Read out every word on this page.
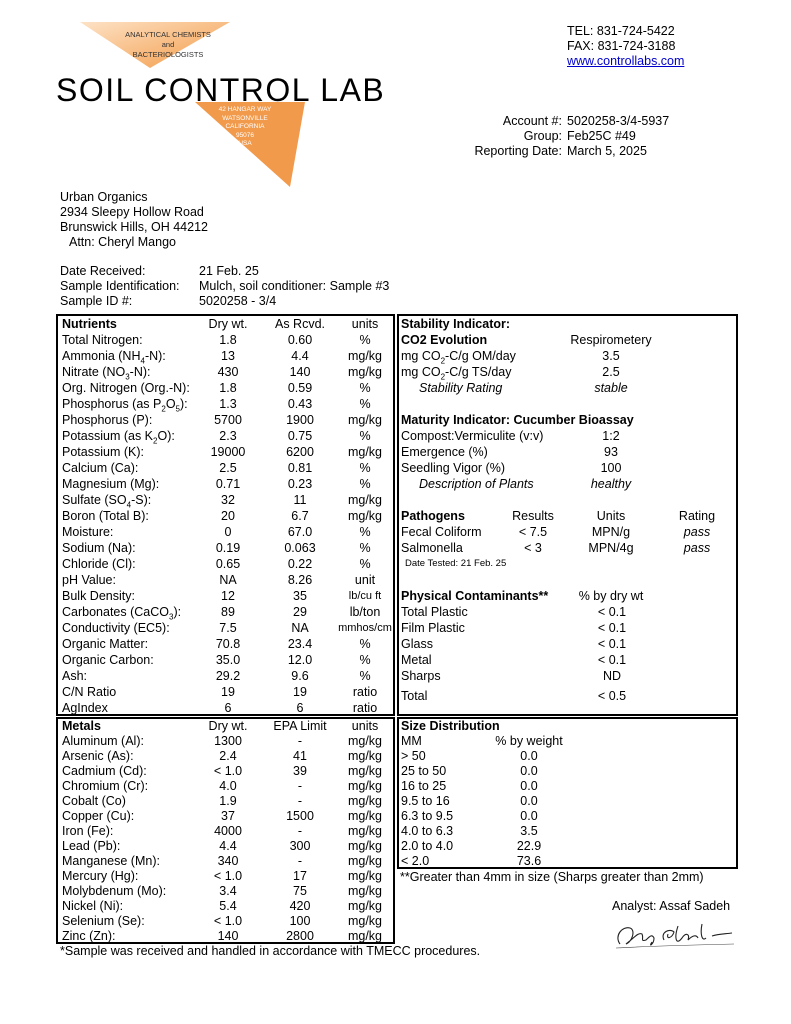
ANALYTICAL CHEMISTS
and
BACTERIOLOGISTS
SOIL CONTROL LAB
42 HANGAR WAY
WATSONVILLE
CALIFORNIA
95076
USA
TEL: 831-724-5422
FAX: 831-724-3188
www.controllabs.com
Account #: 5020258-3/4-5937
Group: Feb25C #49
Reporting Date: March 5, 2025
Urban Organics
2934 Sleepy Hollow Road
Brunswick Hills, OH 44212
Attn: Cheryl Mango
Date Received:	21 Feb. 25
Sample Identification:	Mulch, soil conditioner: Sample #3
Sample ID #:	5020258 - 3/4
Nutrients	Dry wt.	As Rcvd.	units
Total Nitrogen:	1.8	0.60	%
Ammonia $(NH_4-N)$:	13	4.4	mg/kg
Nitrate $(NO_3-N)$:	430	140	mg/kg
Org. Nitrogen (Org.-N):	1.8	0.59	%
Phosphorus (as $P_2O_5$):	1.3	0.43	%
Phosphorus (P):	5700	1900	mg/kg
Potassium (as $K_2O$):	2.3	0.75	%
Potassium (K):	19000	6200	mg/kg
Calcium (Ca):	2.5	0.81	%
Magnesium (Mg):	0.71	0.23	%
Sulfate $(SO_4-S)$:	32	11	mg/kg
Boron (Total B):	20	6.7	mg/kg
Moisture:	0	67.0	%
Sodium (Na):	0.19	0.063	%
Chloride (Cl):	0.65	0.22	%
pH Value:	NA	8.26	unit
Bulk Density:	12	35	lb/cu ft
Carbonates (CaCO$_3$):	89	29	lb/ton
Conductivity (EC5):	7.5	NA	mmhos/cm
Organic Matter:	70.8	23.4	%
Organic Carbon:	35.0	12.0	%
Ash:	29.2	9.6	%
C/N Ratio	19	19	ratio
AgIndex	6	6	ratio
Stability Indicator:
CO2 Evolution	Respirometery
mg $CO_2-C/g$ OM/day	3.5
mg $CO_2-C/g$ TS/day	2.5
Stability Rating	stable
Maturity Indicator: Cucumber Bioassay
Compost:Vermiculite (v:v)	1:2
Emergence (%)	93
Seedling Vigor (%)	100
Description of Plants	healthy
Pathogens	Results	Units	Rating
Fecal Coliform	< 7.5	MPN/g	pass
Salmonella	< 3	MPN/4g	pass
Date Tested: 21 Feb. 25
Physical Contaminants**	% by dry wt
Total Plastic	< 0.1
Film Plastic	< 0.1
Glass	< 0.1
Metal	< 0.1
Sharps	ND
Total	< 0.5
Metals	Dry wt.	EPA Limit	units
Aluminum (Al):	1300	-	mg/kg
Arsenic (As):	2.4	41	mg/kg
Cadmium (Cd):	< 1.0	39	mg/kg
Chromium (Cr):	4.0	-	mg/kg
Cobalt (Co)	1.9	-	mg/kg
Copper (Cu):	37	1500	mg/kg
Iron (Fe):	4000	-	mg/kg
Lead (Pb):	4.4	300	mg/kg
Manganese (Mn):	340	-	mg/kg
Mercury (Hg):	< 1.0	17	mg/kg
Molybdenum (Mo):	3.4	75	mg/kg
Nickel (Ni):	5.4	420	mg/kg
Selenium (Se):	< 1.0	100	mg/kg
Zinc (Zn):	140	2800	mg/kg
Size Distribution
MM	% by weight
> 50	0.0
25 to 50	0.0
16 to 25	0.0
9.5 to 16	0.0
6.3 to 9.5	0.0
4.0 to 6.3	3.5
2.0 to 4.0	22.9
< 2.0	73.6
**Greater than 4mm in size (Sharps greater than 2mm)
Analyst: Assaf Sadeh
*Sample was received and handled in accordance with TMECC procedures.
